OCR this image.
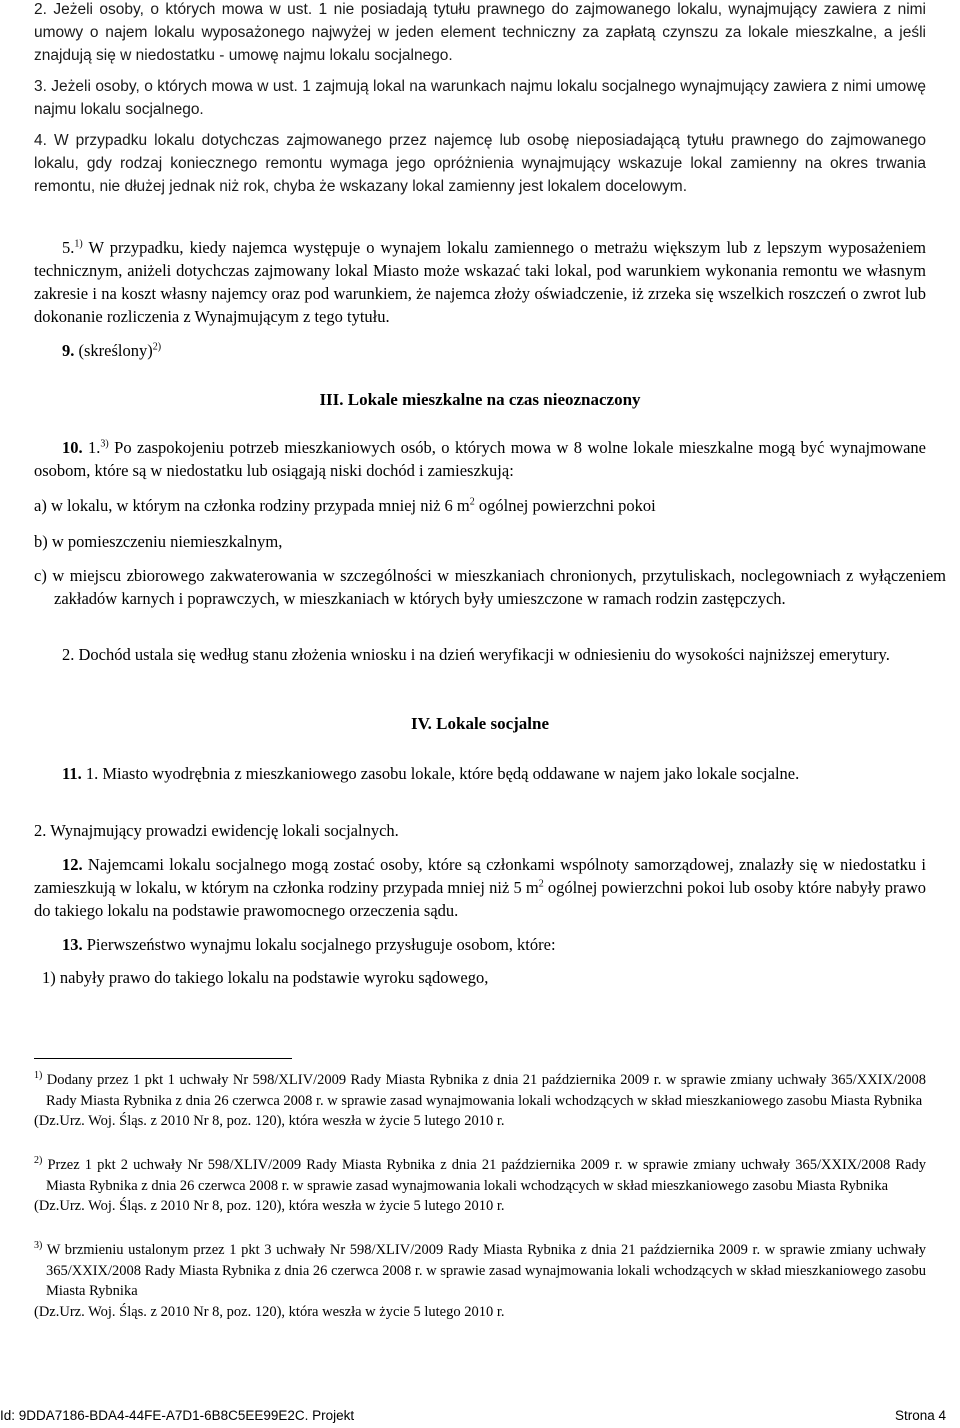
2. Jeżeli osoby, o których mowa w ust. 1 nie posiadają tytułu prawnego do zajmowanego lokalu, wynajmujący zawiera z nimi umowy o najem lokalu wyposażonego najwyżej w jeden element techniczny za zapłatą czynszu za lokale mieszkalne, a jeśli znajdują się w niedostatku - umowę najmu lokalu socjalnego.
3. Jeżeli osoby, o których mowa w ust. 1 zajmują lokal na warunkach najmu lokalu socjalnego wynajmujący zawiera z nimi umowę najmu lokalu socjalnego.
4. W przypadku lokalu dotychczas zajmowanego przez najemcę lub osobę nieposiadającą tytułu prawnego do zajmowanego lokalu, gdy rodzaj koniecznego remontu wymaga jego opróżnienia wynajmujący wskazuje lokal zamienny na okres trwania remontu, nie dłużej jednak niż rok, chyba że wskazany lokal zamienny jest lokalem docelowym.
5.$^{1)}$ W przypadku, kiedy najemca występuje o wynajem lokalu zamiennego o metrażu większym lub z lepszym wyposażeniem technicznym, aniżeli dotychczas zajmowany lokal Miasto może wskazać taki lokal, pod warunkiem wykonania remontu we własnym zakresie i na koszt własny najemcy oraz pod warunkiem, że najemca złoży oświadczenie, iż zrzeka się wszelkich roszczeń o zwrot lub dokonanie rozliczenia z Wynajmującym z tego tytułu.
9. (skreślony)$^{2)}$
III. Lokale mieszkalne na czas nieoznaczony
10. 1.$^{3)}$ Po zaspokojeniu potrzeb mieszkaniowych osób, o których mowa w 8 wolne lokale mieszkalne mogą być wynajmowane osobom, które są w niedostatku lub osiągają niski dochód i zamieszkują:
a) w lokalu, w którym na członka rodziny przypada mniej niż 6 $m^2$ ogólnej powierzchni pokoi
b) w pomieszczeniu niemieszkalnym,
c) w miejscu zbiorowego zakwaterowania w szczególności w mieszkaniach chronionych, przytuliskach, noclegowniach z wyłączeniem zakładów karnych i poprawczych, w mieszkaniach w których były umieszczone w ramach rodzin zastępczych.
2. Dochód ustala się według stanu złożenia wniosku i na dzień weryfikacji w odniesieniu do wysokości najniższej emerytury.
IV. Lokale socjalne
11. 1. Miasto wyodrębnia z mieszkaniowego zasobu lokale, które będą oddawane w najem jako lokale socjalne.
2. Wynajmujący prowadzi ewidencję lokali socjalnych.
12. Najemcami lokalu socjalnego mogą zostać osoby, które są członkami wspólnoty samorządowej, znalazły się w niedostatku i zamieszkują w lokalu, w którym na członka rodziny przypada mniej niż 5 $m^2$ ogólnej powierzchni pokoi lub osoby które nabyły prawo do takiego lokalu na podstawie prawomocnego orzeczenia sądu.
13. Pierwszeństwo wynajmu lokalu socjalnego przysługuje osobom, które:
1) nabyły prawo do takiego lokalu na podstawie wyroku sądowego,
$^{1)}$ Dodany przez 1 pkt 1 uchwały Nr 598/XLIV/2009 Rady Miasta Rybnika z dnia 21 października 2009 r. w sprawie zmiany uchwały 365/XXIX/2008 Rady Miasta Rybnika z dnia 26 czerwca 2008 r. w sprawie zasad wynajmowania lokali wchodzących w skład mieszkaniowego zasobu Miasta Rybnika
(Dz.Urz. Woj. Śląs. z 2010 Nr 8, poz. 120), która weszła w życie 5 lutego 2010 r.
$^{2)}$ Przez 1 pkt 2 uchwały Nr 598/XLIV/2009 Rady Miasta Rybnika z dnia 21 października 2009 r. w sprawie zmiany uchwały 365/XXIX/2008 Rady Miasta Rybnika z dnia 26 czerwca 2008 r. w sprawie zasad wynajmowania lokali wchodzących w skład mieszkaniowego zasobu Miasta Rybnika
(Dz.Urz. Woj. Śląs. z 2010 Nr 8, poz. 120), która weszła w życie 5 lutego 2010 r.
$^{3)}$ W brzmieniu ustalonym przez 1 pkt 3 uchwały Nr 598/XLIV/2009 Rady Miasta Rybnika z dnia 21 października 2009 r. w sprawie zmiany uchwały 365/XXIX/2008 Rady Miasta Rybnika z dnia 26 czerwca 2008 r. w sprawie zasad wynajmowania lokali wchodzących w skład mieszkaniowego zasobu Miasta Rybnika
(Dz.Urz. Woj. Śląs. z 2010 Nr 8, poz. 120), która weszła w życie 5 lutego 2010 r.
Id: 9DDA7186-BDA4-44FE-A7D1-6B8C5EE99E2C. Projekt	Strona 4
